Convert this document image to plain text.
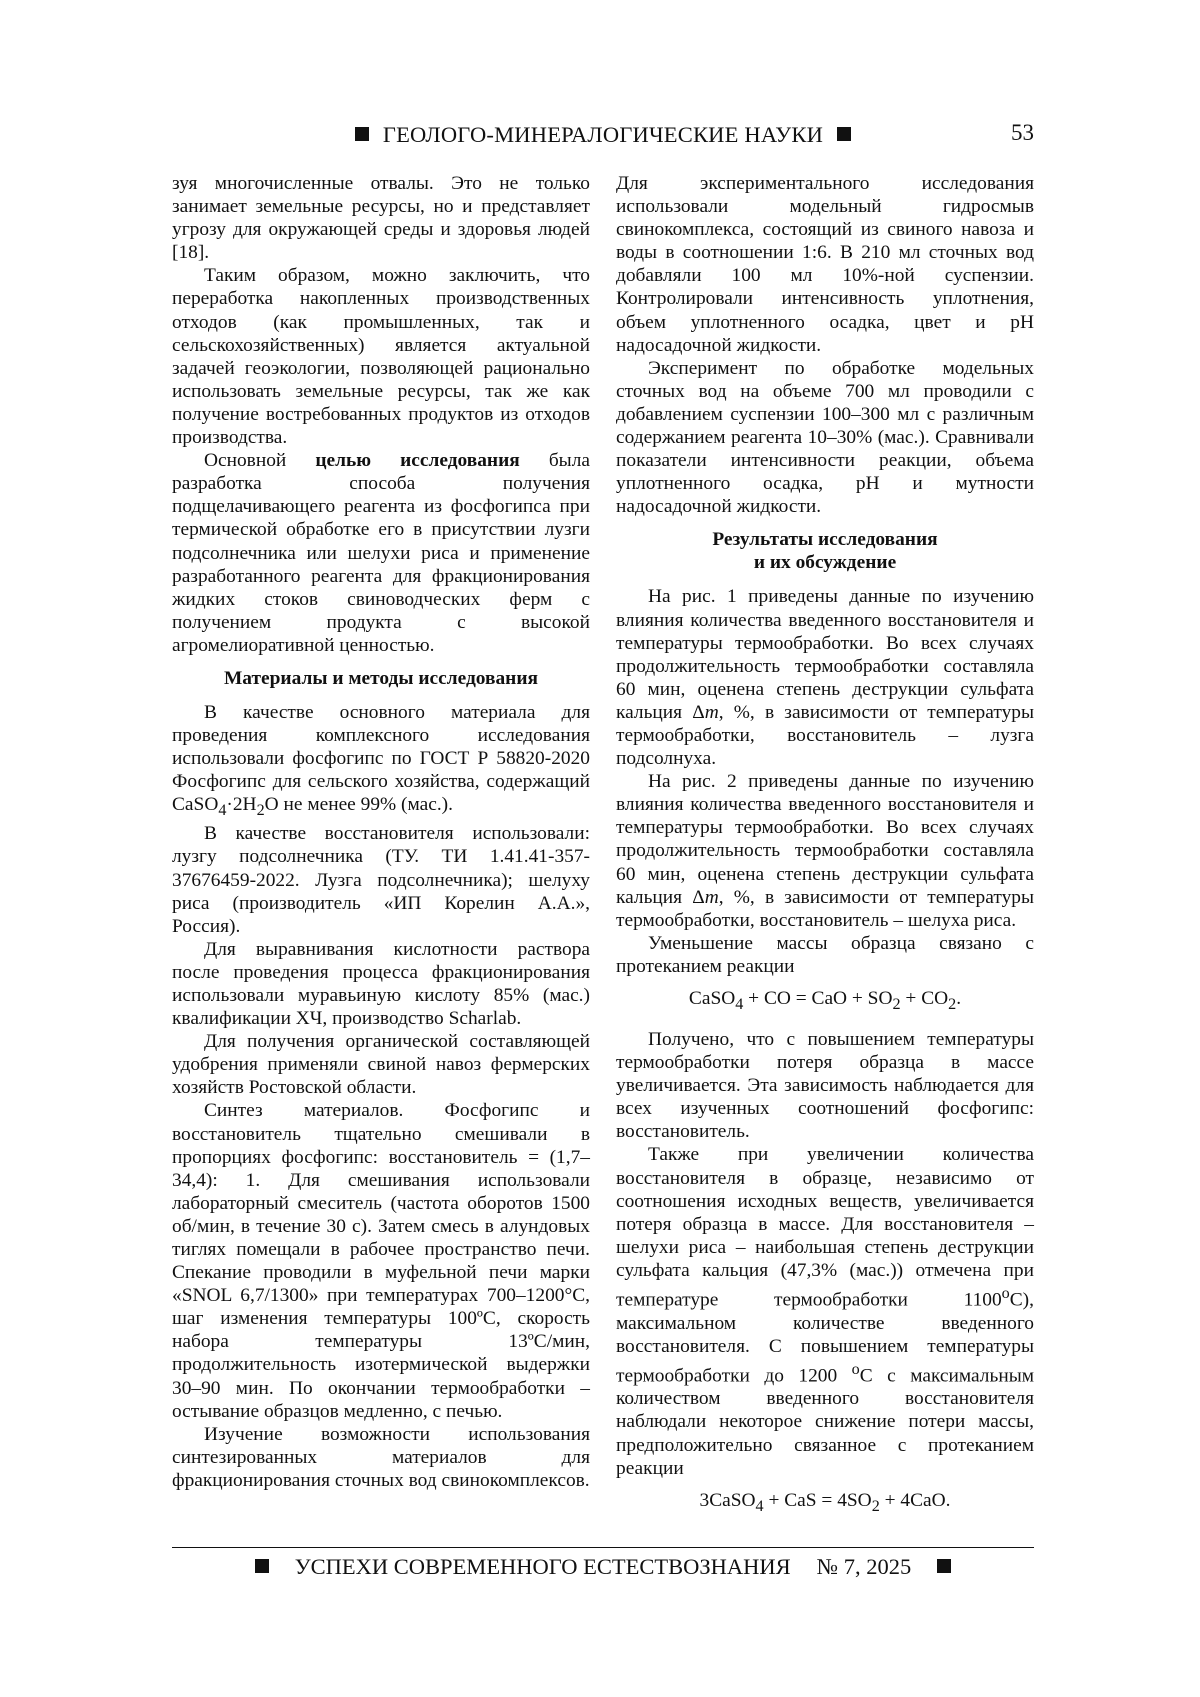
ГЕОЛОГО-МИНЕРАЛОГИЧЕСКИЕ НАУКИ	53

зуя многочисленные отвалы. Это не только занимает земельные ресурсы, но и представляет угрозу для окружающей среды и здоровья людей [18].

Таким образом, можно заключить, что переработка накопленных производственных отходов (как промышленных, так и сельскохозяйственных) является актуальной задачей геоэкологии, позволяющей рационально использовать земельные ресурсы, так же как получение востребованных продуктов из отходов производства.

Основной целью исследования была разработка способа получения подщелачивающего реагента из фосфогипса при термической обработке его в присутствии лузги подсолнечника или шелухи риса и применение разработанного реагента для фракционирования жидких стоков свиноводческих ферм с получением продукта с высокой агромелиоративной ценностью.

Материалы и методы исследования

В качестве основного материала для проведения комплексного исследования использовали фосфогипс по ГОСТ Р 58820-2020 Фосфогипс для сельского хозяйства, содержащий $CaSO_4\cdot 2H_2O$ не менее 99% (мас.).

В качестве восстановителя использовали: лузгу подсолнечника (ТУ. ТИ 1.41.41-357-37676459-2022. Лузга подсолнечника); шелуху риса (производитель «ИП Корелин А.А.», Россия).

Для выравнивания кислотности раствора после проведения процесса фракционирования использовали муравьиную кислоту 85% (мас.) квалификации ХЧ, производство Scharlab.

Для получения органической составляющей удобрения применяли свиной навоз фермерских хозяйств Ростовской области.

Синтез материалов. Фосфогипс и восстановитель тщательно смешивали в пропорциях фосфогипс: восстановитель = (1,7–34,4): 1. Для смешивания использовали лабораторный смеситель (частота оборотов 1500 об/мин, в течение 30 с). Затем смесь в алундовых тиглях помещали в рабочее пространство печи. Спекание проводили в муфельной печи марки «SNOL 6,7/1300» при температурах 700–1200°С, шаг изменения температуры 100ºС, скорость набора температуры 13ºС/мин, продолжительность изотермической выдержки 30–90 мин. По окончании термообработки – остывание образцов медленно, с печью.

Изучение возможности использования синтезированных материалов для фракционирования сточных вод свинокомплексов.

Для экспериментального исследования использовали модельный гидросмыв свинокомплекса, состоящий из свиного навоза и воды в соотношении 1:6. В 210 мл сточных вод добавляли 100 мл 10%-ной суспензии. Контролировали интенсивность уплотнения, объем уплотненного осадка, цвет и pH надосадочной жидкости.

Эксперимент по обработке модельных сточных вод на объеме 700 мл проводили с добавлением суспензии 100–300 мл с различным содержанием реагента 10–30% (мас.). Сравнивали показатели интенсивности реакции, объема уплотненного осадка, pH и мутности надосадочной жидкости.

Результаты исследования
и их обсуждение

На рис. 1 приведены данные по изучению влияния количества введенного восстановителя и температуры термообработки. Во всех случаях продолжительность термообработки составляла 60 мин, оценена степень деструкции сульфата кальция Δm, %, в зависимости от температуры термообработки, восстановитель – лузга подсолнуха.

На рис. 2 приведены данные по изучению влияния количества введенного восстановителя и температуры термообработки. Во всех случаях продолжительность термообработки составляла 60 мин, оценена степень деструкции сульфата кальция Δm, %, в зависимости от температуры термообработки, восстановитель – шелуха риса.

Уменьшение массы образца связано с протеканием реакции

CaSO$_4$ + CO = CaO + $SO_2 + CO_2$.

Получено, что с повышением температуры термообработки потеря образца в массе увеличивается. Эта зависимость наблюдается для всех изученных соотношений фосфогипс: восстановитель.

Также при увеличении количества восстановителя в образце, независимо от соотношения исходных веществ, увеличивается потеря образца в массе. Для восстановителя – шелухи риса – наибольшая степень деструкции сульфата кальция (47,3% (мас.)) отмечена при температуре термообработки $1100^оС$), максимальном количестве введенного восстановителя. С повышением температуры термообработки до 1200 $^о$С с максимальным количеством введенного восстановителя наблюдали некоторое снижение потери массы, предположительно связанное с протеканием реакции

3CaSO$_4$ + CaS = $4SO_2 + 4CaO$.
УСПЕХИ СОВРЕМЕННОГО ЕСТЕСТВОЗНАНИЯ № 7, 2025
